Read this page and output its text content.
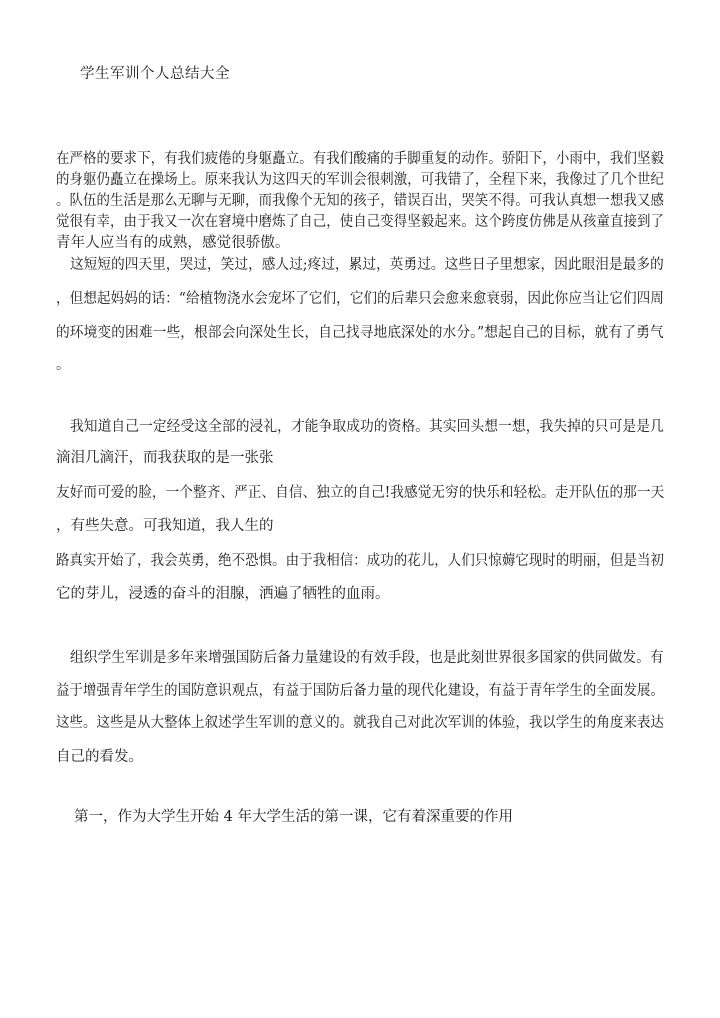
学生军训个人总结大全
在严格的要求下，有我们疲倦的身躯矗立。有我们酸痛的手脚重复的动作。骄阳下，小雨中，我们坚毅
的身躯仍矗立在操场上。原来我认为这四天的军训会很刺激，可我错了，全程下来，我像过了几个世纪
。队伍的生活是那么无聊与无聊，而我像个无知的孩子，错误百出，哭笑不得。可我认真想一想我又感
觉很有幸，由于我又一次在窘境中磨炼了自己，使自己变得坚毅起来。这个跨度仿佛是从孩童直接到了
青年人应当有的成熟，感觉很骄傲。
这短短的四天里，哭过，笑过，感人过;疼过，累过，英勇过。这些日子里想家，因此眼泪是最多的
，但想起妈妈的话：“给植物浇水会宠坏了它们，它们的后辈只会愈来愈衰弱，因此你应当让它们四周
的环境变的困难一些，根部会向深处生长，自己找寻地底深处的水分。”想起自己的目标，就有了勇气
。
我知道自己一定经受这全部的浸礼，才能争取成功的资格。其实回头想一想，我失掉的只可是是几
滴泪几滴汗，而我获取的是一张张
友好而可爱的脸，一个整齐、严正、自信、独立的自己!我感觉无穷的快乐和轻松。走开队伍的那一天
，有些失意。可我知道，我人生的
路真实开始了，我会英勇，绝不恐惧。由于我相信：成功的花儿，人们只惊薅它现时的明丽，但是当初
它的芽儿，浸透的奋斗的泪腺，洒遍了牺牲的血雨。
组织学生军训是多年来增强国防后备力量建设的有效手段，也是此刻世界很多国家的供同做发。有
益于增强青年学生的国防意识观点，有益于国防后备力量的现代化建设，有益于青年学生的全面发展。
这些。这些是从大整体上叙述学生军训的意义的。就我自己对此次军训的体验，我以学生的角度来表达
自己的看发。
第一，作为大学生开始 4 年大学生活的第一课，它有着深重要的作用
